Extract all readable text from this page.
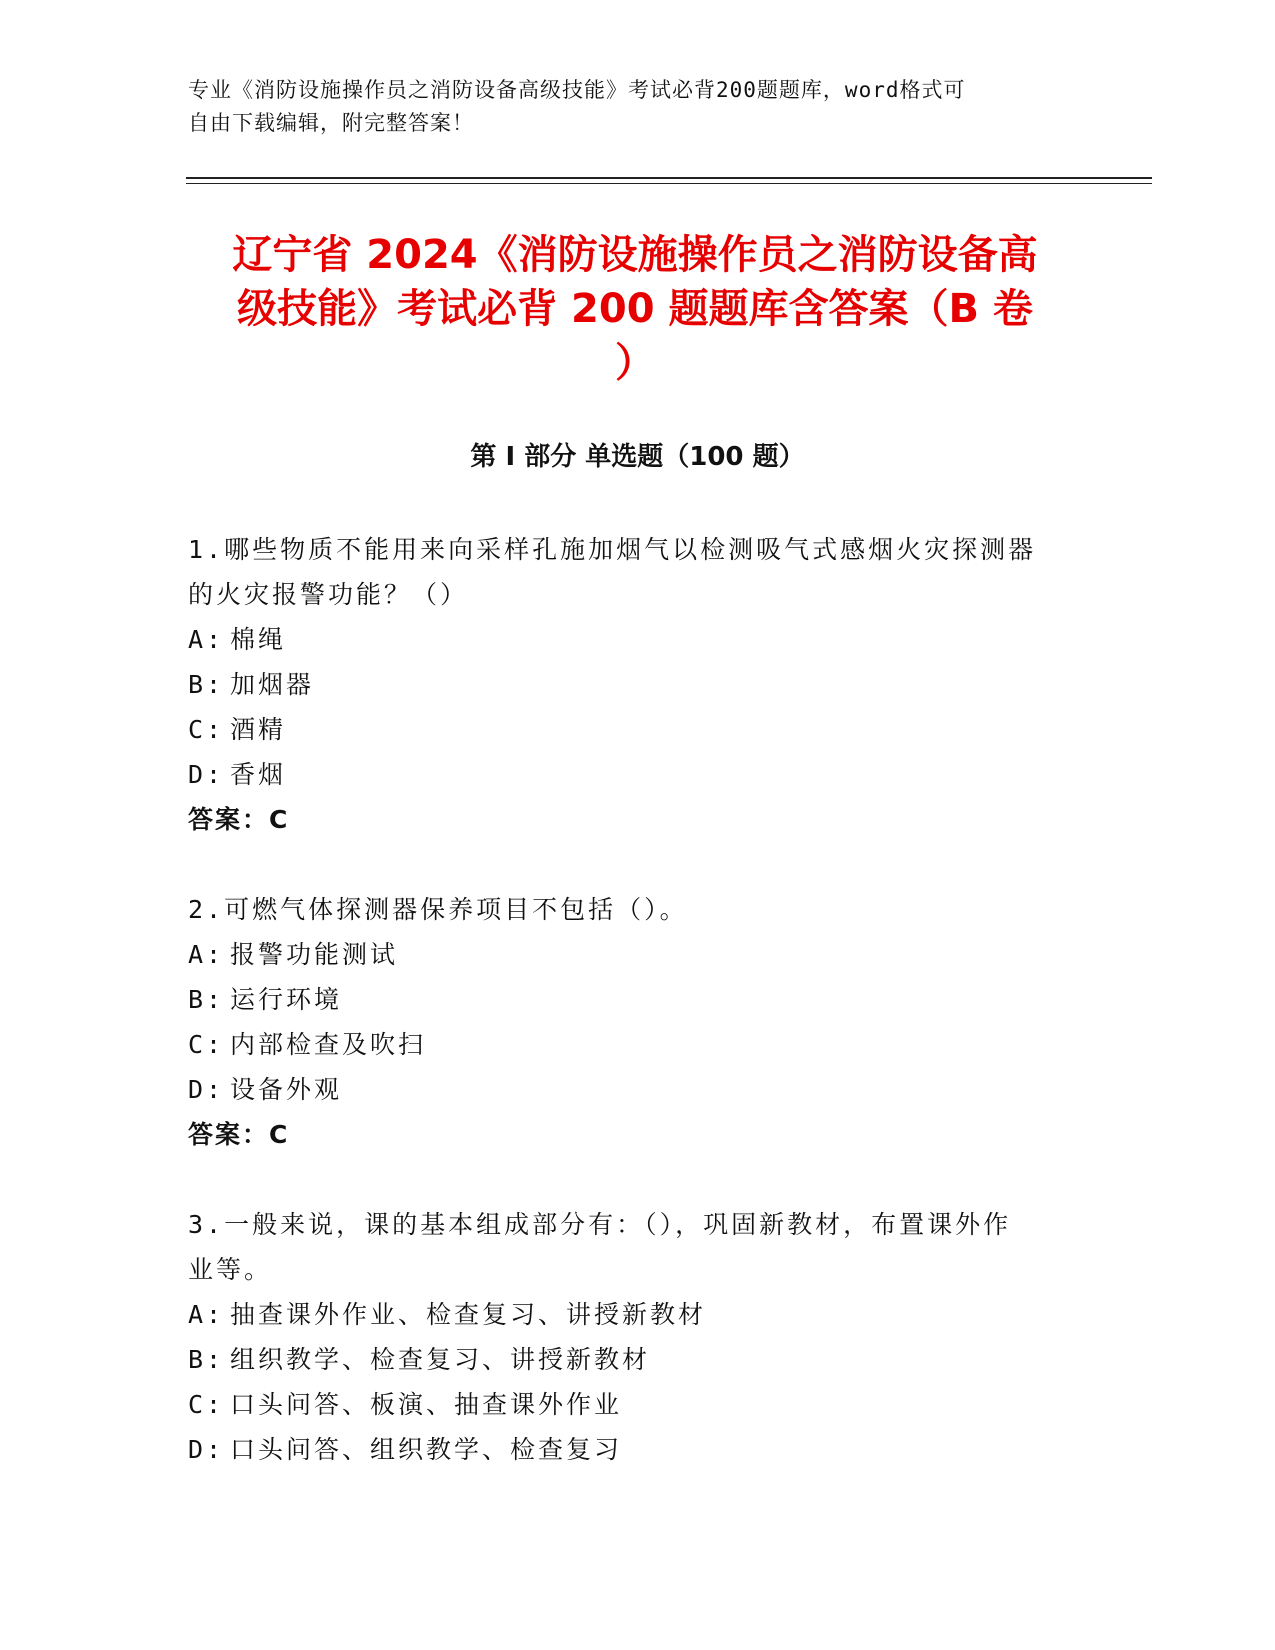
专业《消防设施操作员之消防设备高级技能》考试必背200题题库，word格式可
自由下载编辑，附完整答案！
辽宁省 2024《消防设施操作员之消防设备高
级技能》考试必背 200 题题库含答案（B 卷
）
第 I 部分 单选题（100 题）

1.哪些物质不能用来向采样孔施加烟气以检测吸气式感烟火灾探测器

的火灾报警功能？（）

A: 棉绳

B: 加烟器

C: 酒精

D: 香烟

答案：C

2.可燃气体探测器保养项目不包括（）。

A: 报警功能测试

B: 运行环境

C: 内部检查及吹扫

D: 设备外观

答案：C

3.一般来说，课的基本组成部分有：（），巩固新教材，布置课外作

业等。

A: 抽查课外作业、检查复习、讲授新教材

B: 组织教学、检查复习、讲授新教材

C: 口头问答、板演、抽查课外作业

D: 口头问答、组织教学、检查复习
